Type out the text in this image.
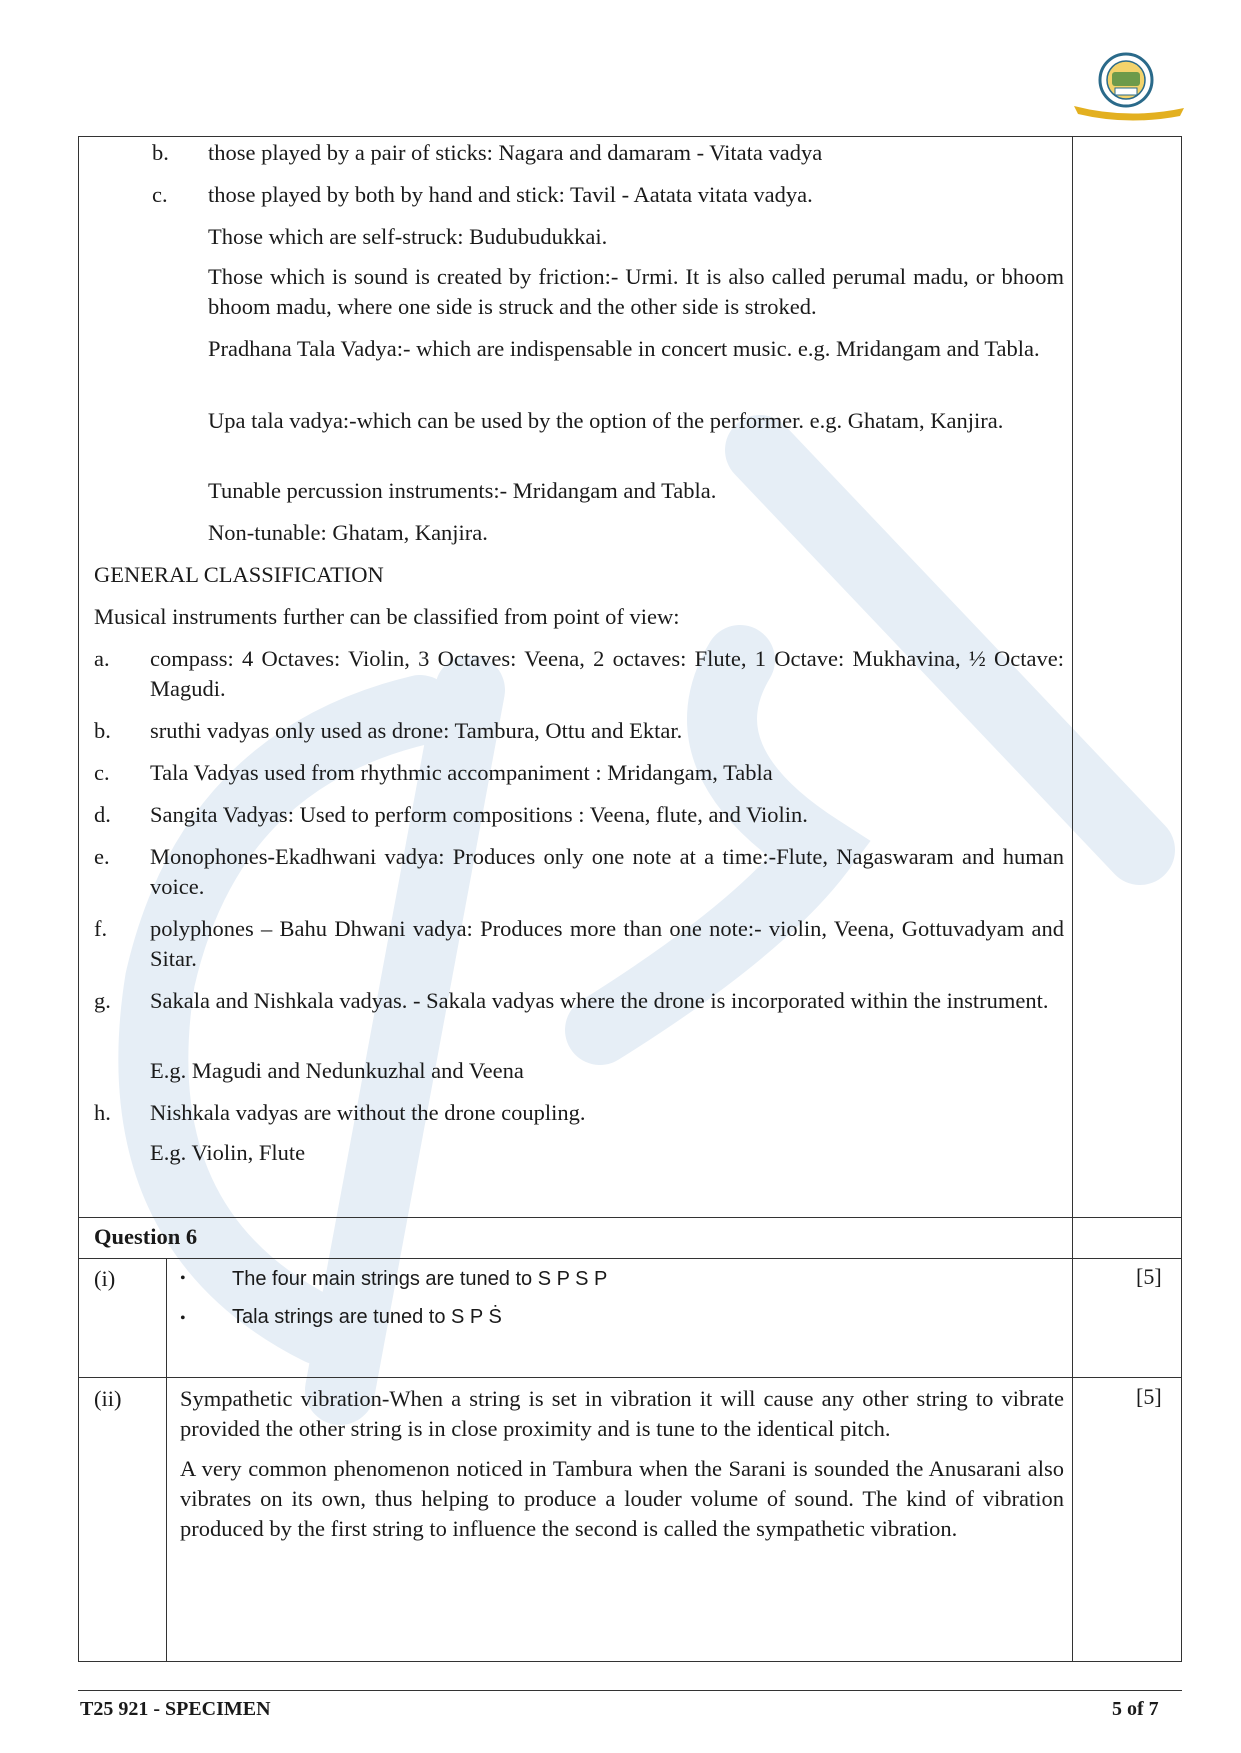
b. those played by a pair of sticks: Nagara and damaram - Vitata vadya
c. those played by both by hand and stick: Tavil - Aatata vitata vadya.
Those which are self-struck: Budubudukkai.
Those which is sound is created by friction:- Urmi. It is also called perumal madu, or bhoom bhoom madu, where one side is struck and the other side is stroked.
Pradhana Tala Vadya:- which are indispensable in concert music. e.g. Mridangam and Tabla.
Upa tala vadya:-which can be used by the option of the performer. e.g. Ghatam, Kanjira.
Tunable percussion instruments:- Mridangam and Tabla.
Non-tunable: Ghatam, Kanjira.
GENERAL CLASSIFICATION
Musical instruments further can be classified from point of view:
a. compass: 4 Octaves: Violin, 3 Octaves: Veena, 2 octaves: Flute, 1 Octave: Mukhavina, ½ Octave: Magudi.
b. sruthi vadyas only used as drone: Tambura, Ottu and Ektar.
c. Tala Vadyas used from rhythmic accompaniment : Mridangam, Tabla
d. Sangita Vadyas: Used to perform compositions : Veena, flute, and Violin.
e. Monophones-Ekadhwani vadya: Produces only one note at a time:-Flute, Nagaswaram and human voice.
f. polyphones – Bahu Dhwani vadya: Produces more than one note:- violin, Veena, Gottuvadyam and Sitar.
g. Sakala and Nishkala vadyas. - Sakala vadyas where the drone is incorporated within the instrument.
E.g. Magudi and Nedunkuzhal and Veena
h. Nishkala vadyas are without the drone coupling.
E.g. Violin, Flute
Question 6
(i)	• The four main strings are tuned to S P S P
• Tala strings are tuned to S P Ṡ
[5]
(ii)	Sympathetic vibration-When a string is set in vibration it will cause any other string to vibrate provided the other string is in close proximity and is tune to the identical pitch.
A very common phenomenon noticed in Tambura when the Sarani is sounded the Anusarani also vibrates on its own, thus helping to produce a louder volume of sound. The kind of vibration produced by the first string to influence the second is called the sympathetic vibration.
[5]
T25 921 - SPECIMEN	5 of 7
